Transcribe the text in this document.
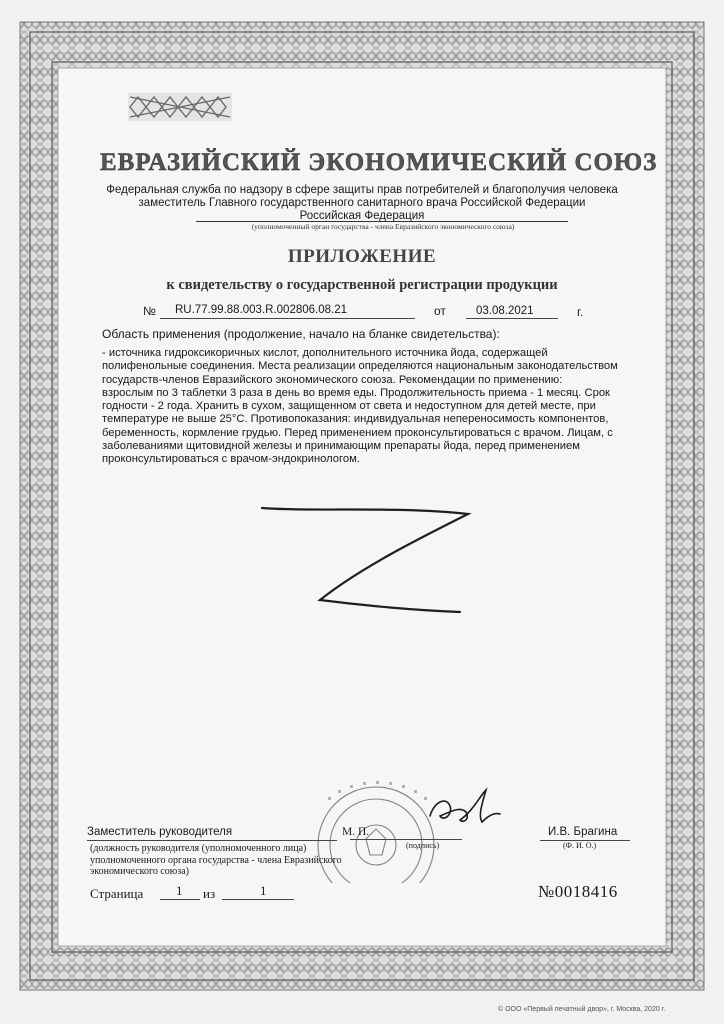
ЕВРАЗИЙСКИЙ ЭКОНОМИЧЕСКИЙ СОЮЗ
Федеральная служба по надзору в сфере защиты прав потребителей и благополучия человека
заместитель Главного государственного санитарного врача Российской Федерации
Российская Федерация
(уполномоченный орган государства - члена Евразийского экономического союза)
ПРИЛОЖЕНИЕ
к свидетельству о государственной регистрации продукции
№ RU.77.99.88.003.R.002806.08.21	от	03.08.2021	г.
Область применения (продолжение, начало на бланке свидетельства):
- источника гидроксикоричных кислот, дополнительного источника йода, содержащей
полифенольные соединения. Места реализации определяются национальным законодательством
государств-членов Евразийского экономического союза. Рекомендации по применению:
взрослым по 3 таблетки 3 раза в день во время еды. Продолжительность приема - 1 месяц. Срок
годности - 2 года. Хранить в сухом, защищенном от света и недоступном для детей месте, при
температуре не выше 25°С. Противопоказания: индивидуальная непереносимость компонентов,
беременность, кормление грудью. Перед применением проконсультироваться с врачом. Лицам, с
заболеваниями щитовидной железы и принимающим препараты йода, перед применением
проконсультироваться с врачом-эндокринологом.
Заместитель руководителя	М. П.
(подпись)
И.В. Брагина
(Ф. И. О.)
(должность руководителя (уполномоченного лица) уполномоченного органа государства - члена Евразийского экономического союза)
Страница	1 из	1	№0018416
© ООО «Первый печатный двор», г. Москва, 2020 г.
